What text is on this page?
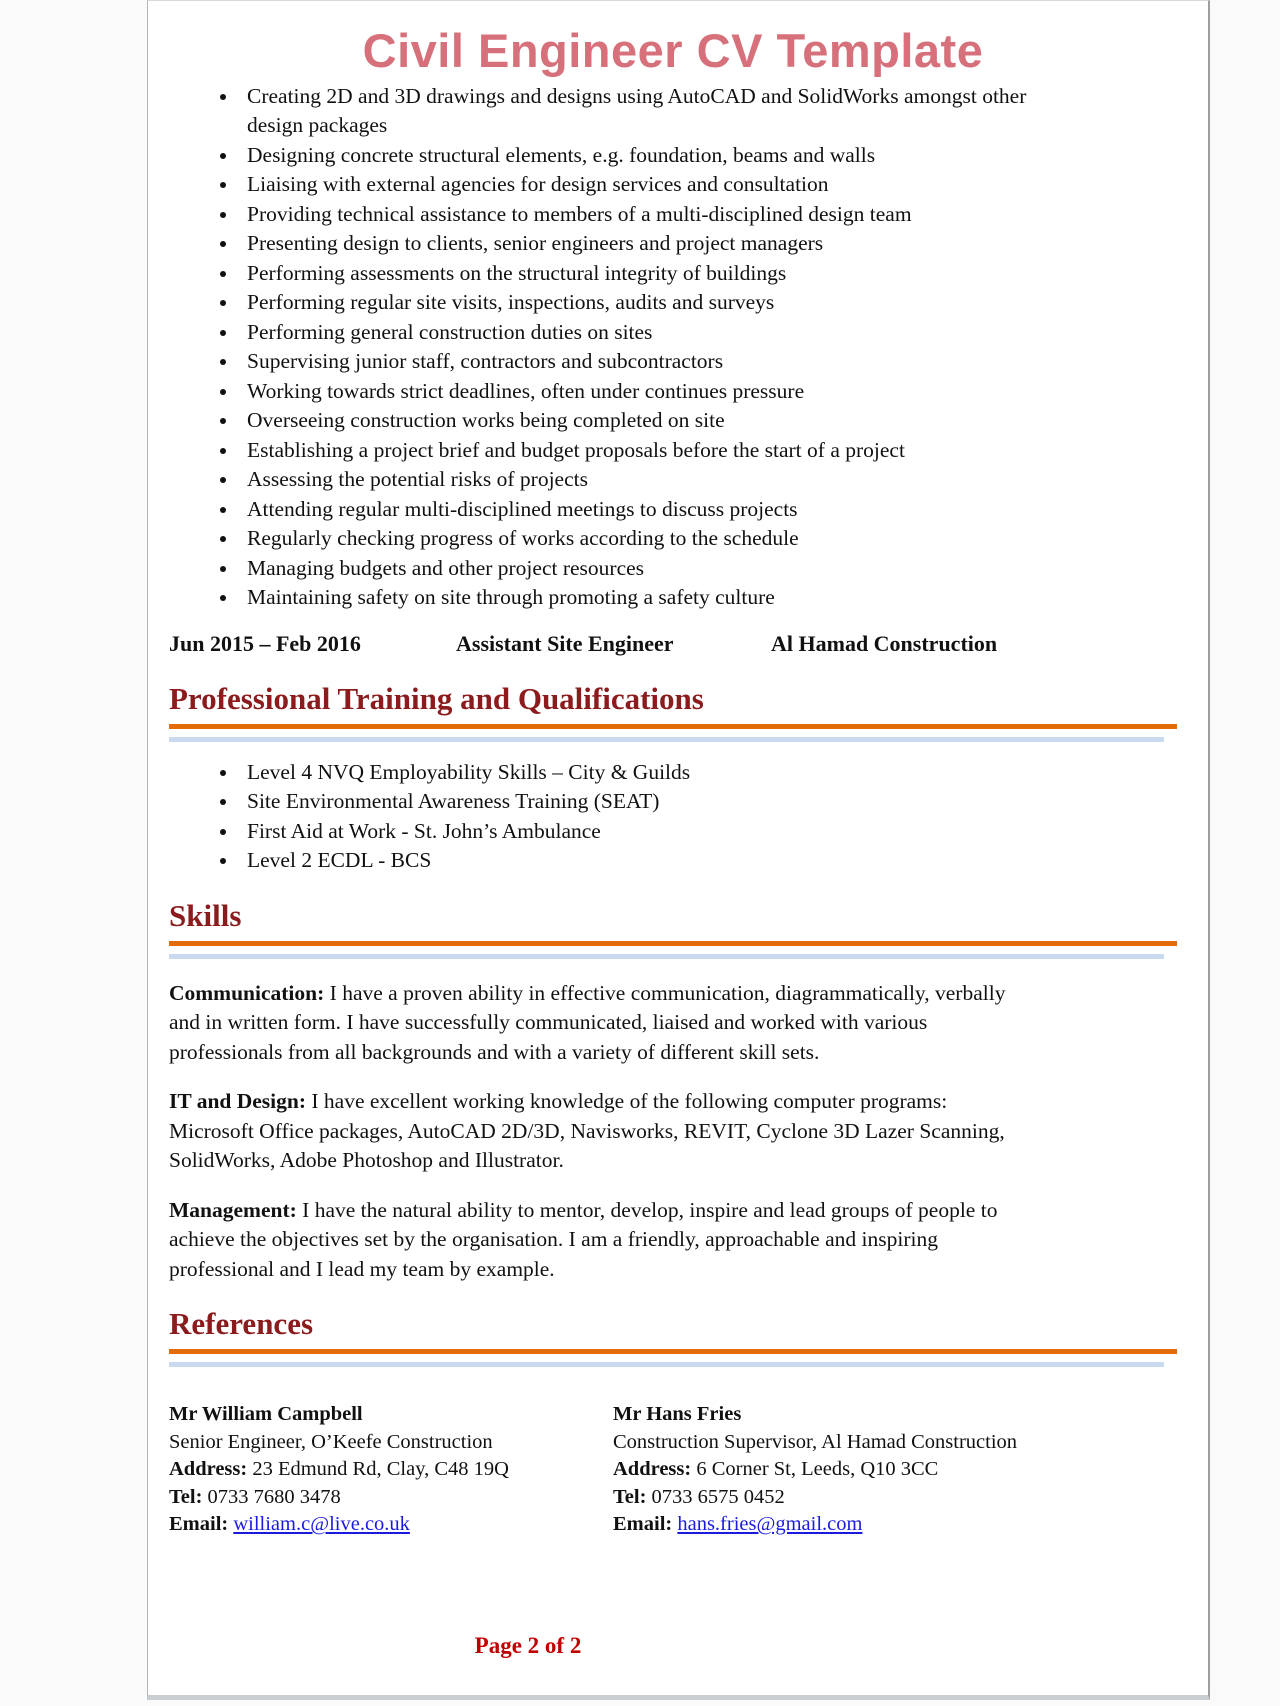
Civil Engineer CV Template
• Creating 2D and 3D drawings and designs using AutoCAD and SolidWorks amongst other design packages
• Designing concrete structural elements, e.g. foundation, beams and walls
• Liaising with external agencies for design services and consultation
• Providing technical assistance to members of a multi-disciplined design team
• Presenting design to clients, senior engineers and project managers
• Performing assessments on the structural integrity of buildings
• Performing regular site visits, inspections, audits and surveys
• Performing general construction duties on sites
• Supervising junior staff, contractors and subcontractors
• Working towards strict deadlines, often under continues pressure
• Overseeing construction works being completed on site
• Establishing a project brief and budget proposals before the start of a project
• Assessing the potential risks of projects
• Attending regular multi-disciplined meetings to discuss projects
• Regularly checking progress of works according to the schedule
• Managing budgets and other project resources
• Maintaining safety on site through promoting a safety culture
Jun 2015 – Feb 2016	Assistant Site Engineer	Al Hamad Construction
Professional Training and Qualifications
• Level 4 NVQ Employability Skills – City & Guilds
• Site Environmental Awareness Training (SEAT)
• First Aid at Work - St. John’s Ambulance
• Level 2 ECDL - BCS
Skills

Communication: I have a proven ability in effective communication, diagrammatically, verbally and in written form. I have successfully communicated, liaised and worked with various professionals from all backgrounds and with a variety of different skill sets.

IT and Design: I have excellent working knowledge of the following computer programs: Microsoft Office packages, AutoCAD 2D/3D, Navisworks, REVIT, Cyclone 3D Lazer Scanning, SolidWorks, Adobe Photoshop and Illustrator.

Management: I have the natural ability to mentor, develop, inspire and lead groups of people to achieve the objectives set by the organisation. I am a friendly, approachable and inspiring professional and I lead my team by example.

References
Mr William Campbell
Senior Engineer, O’Keefe Construction
Address: 23 Edmund Rd, Clay, C48 19Q
Tel: 0733 7680 3478
Email: william.c@live.co.uk
Mr Hans Fries
Construction Supervisor, Al Hamad Construction
Address: 6 Corner St, Leeds, Q10 3CC
Tel: 0733 6575 0452
Email: hans.fries@gmail.com
Page 2 of 2
